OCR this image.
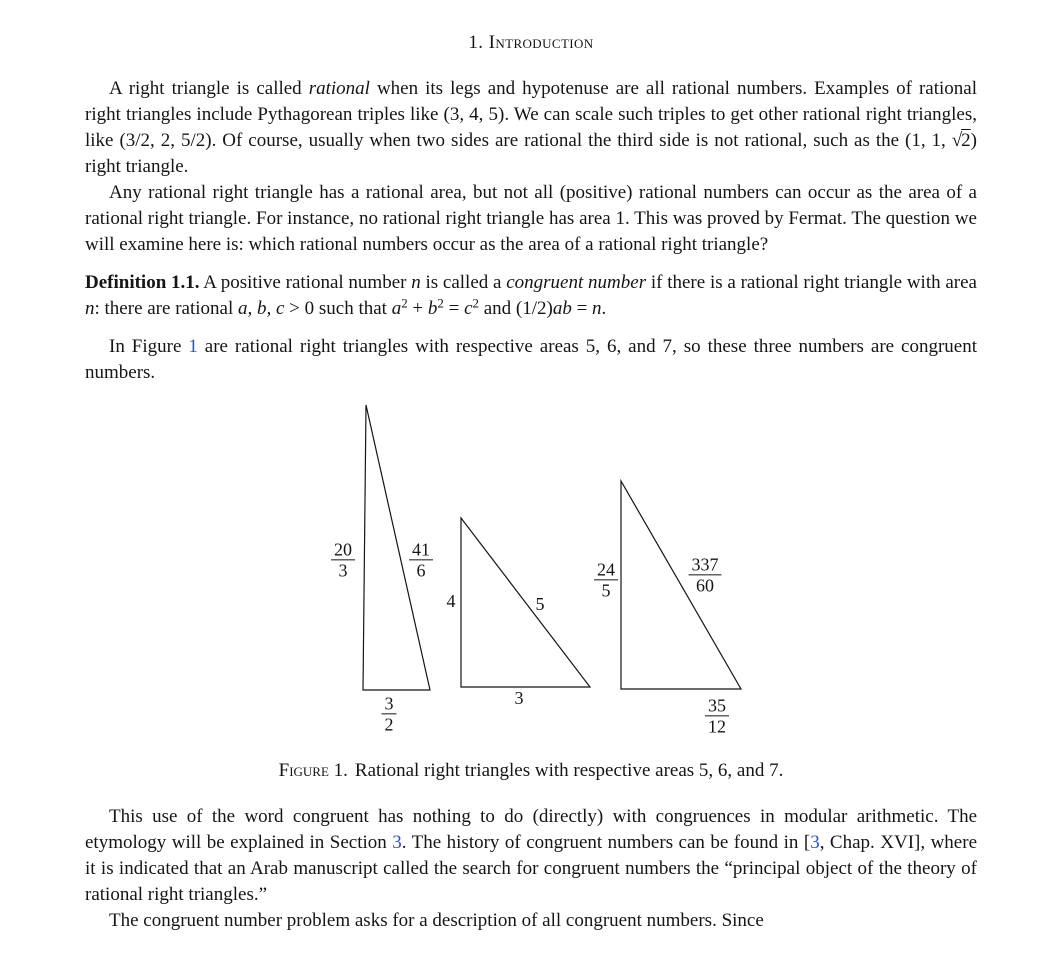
1. Introduction

A right triangle is called rational when its legs and hypotenuse are all rational numbers. Examples of rational right triangles include Pythagorean triples like (3, 4, 5). We can scale such triples to get other rational right triangles, like (3/2, 2, 5/2). Of course, usually when two sides are rational the third side is not rational, such as the (1, 1, √2) right triangle.

Any rational right triangle has a rational area, but not all (positive) rational numbers can occur as the area of a rational right triangle. For instance, no rational right triangle has area 1. This was proved by Fermat. The question we will examine here is: which rational numbers occur as the area of a rational right triangle?

Definition 1.1. A positive rational number n is called a congruent number if there is a rational right triangle with area n: there are rational a, b, c > 0 such that $a^2 + b^2 = c^2$ and (1/2)ab = n.

In Figure 1 are rational right triangles with respective areas 5, 6, and 7, so these three numbers are congruent numbers.

$\frac{20}{3}$	$\frac{41}{6}$
$\frac{3}{2}$
4	5
3
$\frac{24}{5}$	$\frac{337}{60}$
$\frac{35}{12}$
Figure 1. Rational right triangles with respective areas 5, 6, and 7.

This use of the word congruent has nothing to do (directly) with congruences in modular arithmetic. The etymology will be explained in Section 3. The history of congruent numbers can be found in [3, Chap. XVI], where it is indicated that an Arab manuscript called the search for congruent numbers the “principal object of the theory of rational right triangles.”

The congruent number problem asks for a description of all congruent numbers. Since
